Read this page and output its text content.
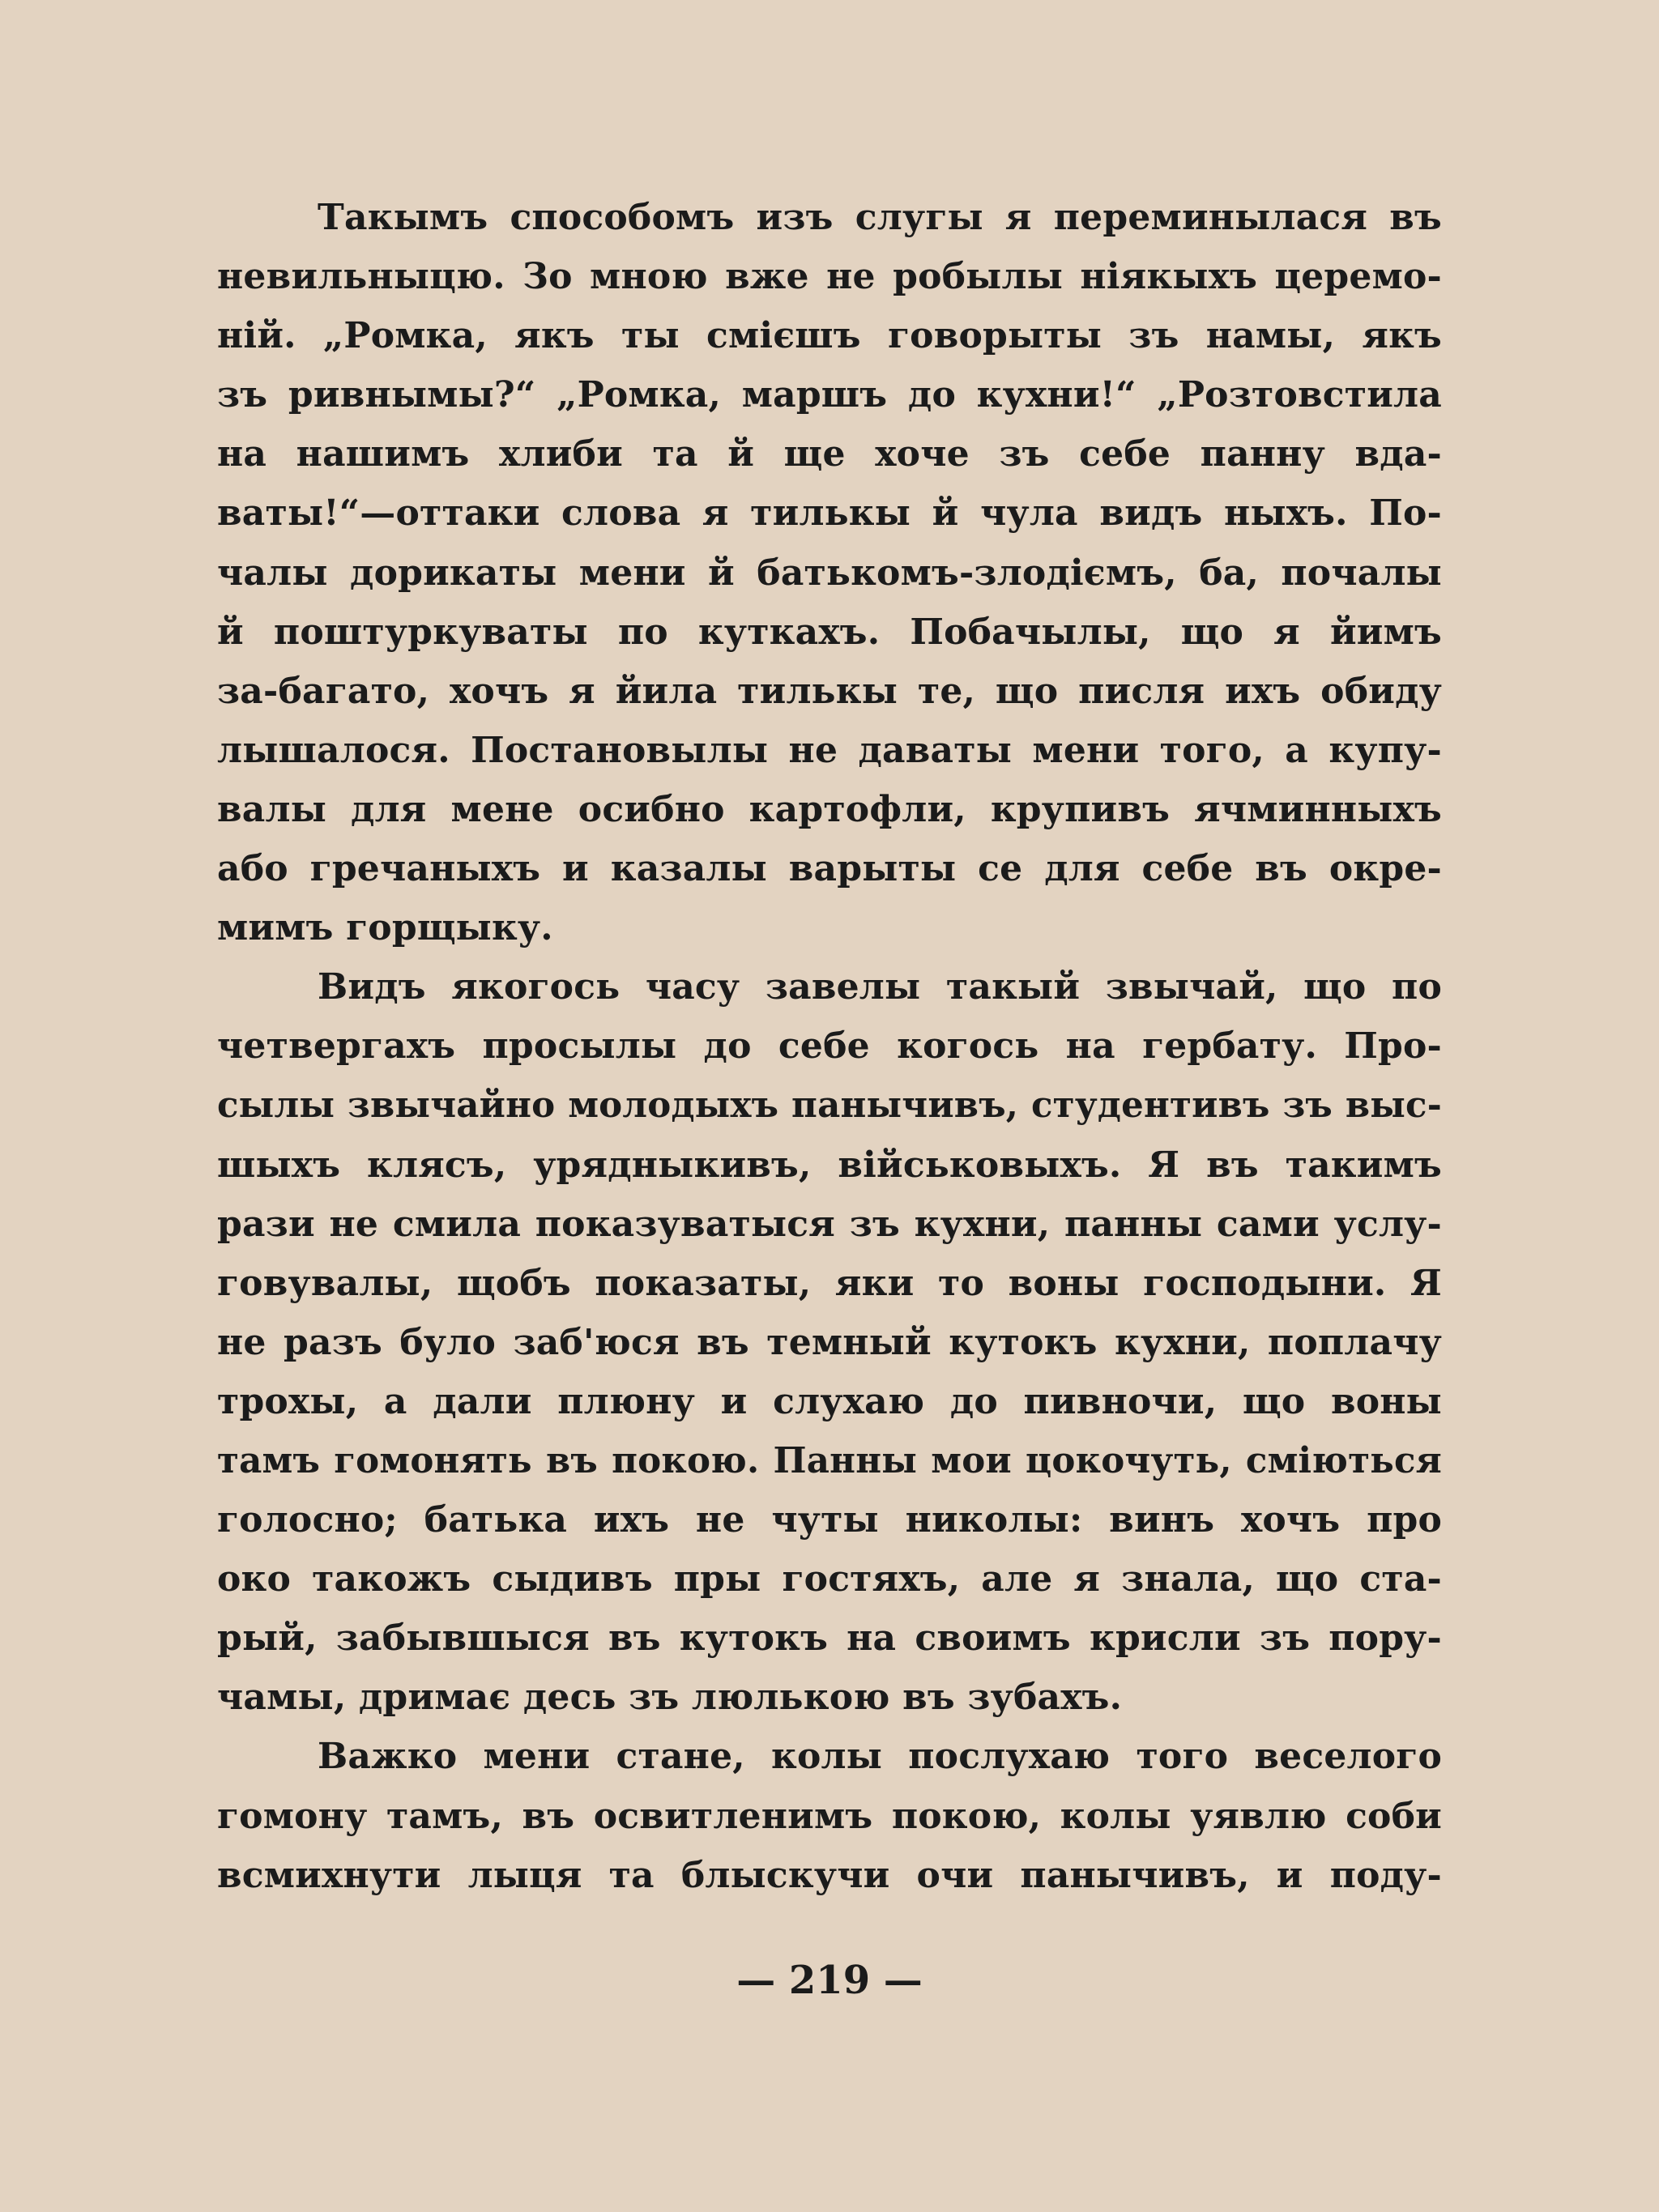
Такымъ способомъ изъ слугы я переминылася въ
невильныцю. Зо мною вже не робылы ніякыхъ церемо-
ній. „Ромка, якъ ты смієшъ говорыты зъ намы, якъ
зъ ривнымы?“ „Ромка, маршъ до кухни!“ „Розтовстила
на нашимъ хлиби та й ще хоче зъ себе панну вда-
ваты!“—оттаки слова я тилькы й чула видъ ныхъ. По-
чалы дорикаты мени й батькомъ-злодіємъ, ба, почалы
й поштуркуваты по куткахъ. Побачылы, що я йимъ
за-багато, хочъ я йила тилькы те, що пиcля ихъ обиду
лышалося. Постановылы не даваты мени того, а купу-
валы для мене осибно картофли, крупивъ ячминныхъ
або гречаныхъ и казалы варыты се для себе въ окре-
мимъ горщыку.
Видъ якогось часу завелы такый звычай, що по
четвергахъ просылы до себе когось на гербату. Про-
сылы звычайно молодыхъ панычивъ, студентивъ зъ выс-
шыхъ клясъ, урядныкивъ, військовыхъ. Я въ такимъ
рази не смила показуватыся зъ кухни, панны сами услу-
говувалы, щобъ показаты, яки то воны господыни. Я
не разъ було заб'юся въ темный кутокъ кухни, поплачу
трохы, а дали плюну и слухаю до пивночи, що воны
тамъ гомонять въ покою. Панны мои цокочуть, сміються
голосно; батька ихъ не чуты николы: винъ хочъ про
око такожъ сыдивъ пры гостяхъ, але я знала, що ста-
рый, забывшыся въ кутокъ на своимъ крисли зъ пору-
чамы, дримає десь зъ люлькою въ зубахъ.
Важко мени стане, колы послухаю того веселого
гомону тамъ, въ освитленимъ покою, колы уявлю соби
всмихнути лыця та блыскучи очи панычивъ, и поду-
— 219 —
